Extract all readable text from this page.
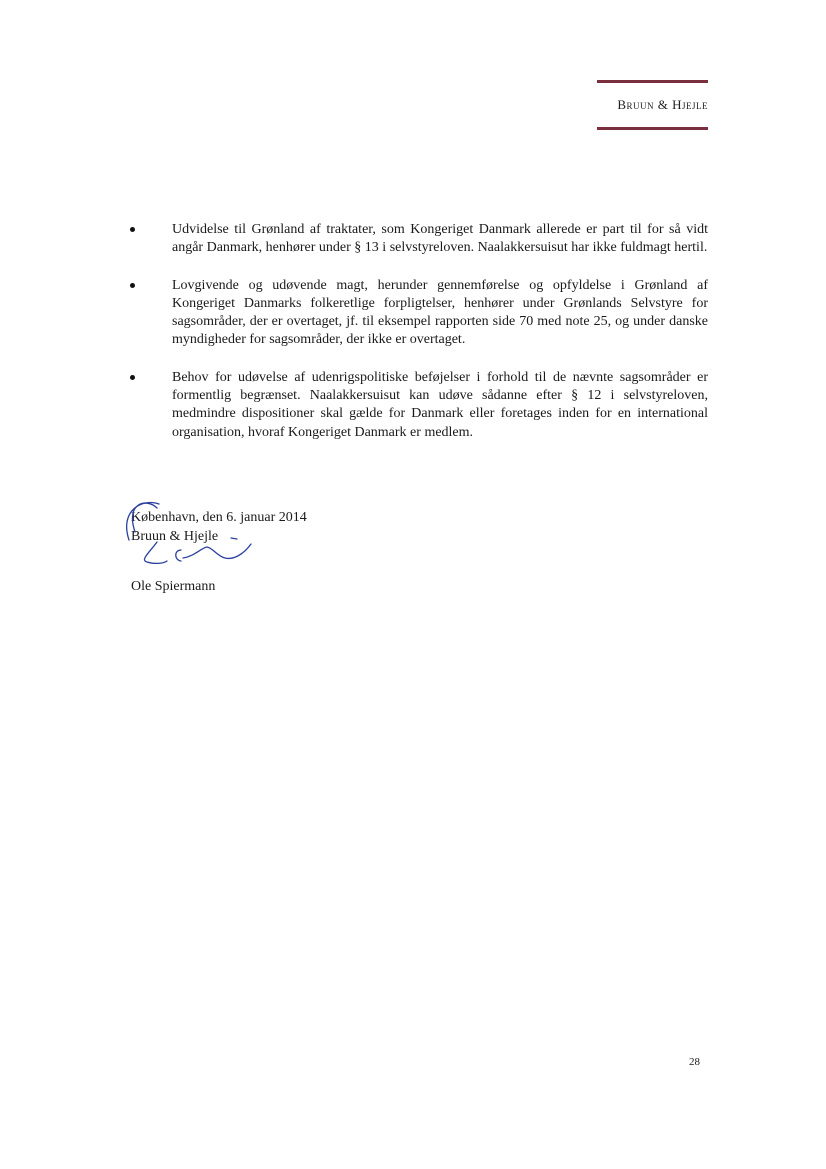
Bruun & Hjejle
Udvidelse til Grønland af traktater, som Kongeriget Danmark allerede er part til for så vidt angår Danmark, henhører under § 13 i selvstyreloven. Naalakkersuisut har ikke fuldmagt hertil.
Lovgivende og udøvende magt, herunder gennemførelse og opfyldelse i Grønland af Kongeriget Danmarks folkeretlige forpligtelser, henhører under Grønlands Selvstyre for sagsområder, der er overtaget, jf. til eksempel rapporten side 70 med note 25, og under danske myndigheder for sagsområder, der ikke er overtaget.
Behov for udøvelse af udenrigspolitiske beføjelser i forhold til de nævnte sagsområder er formentlig begrænset. Naalakkersuisut kan udøve sådanne efter § 12 i selvstyreloven, medmindre dispositioner skal gælde for Danmark eller foretages inden for en international organisation, hvoraf Kongeriget Danmark er medlem.
København, den 6. januar 2014
Bruun & Hjejle
Ole Spiermann
28
